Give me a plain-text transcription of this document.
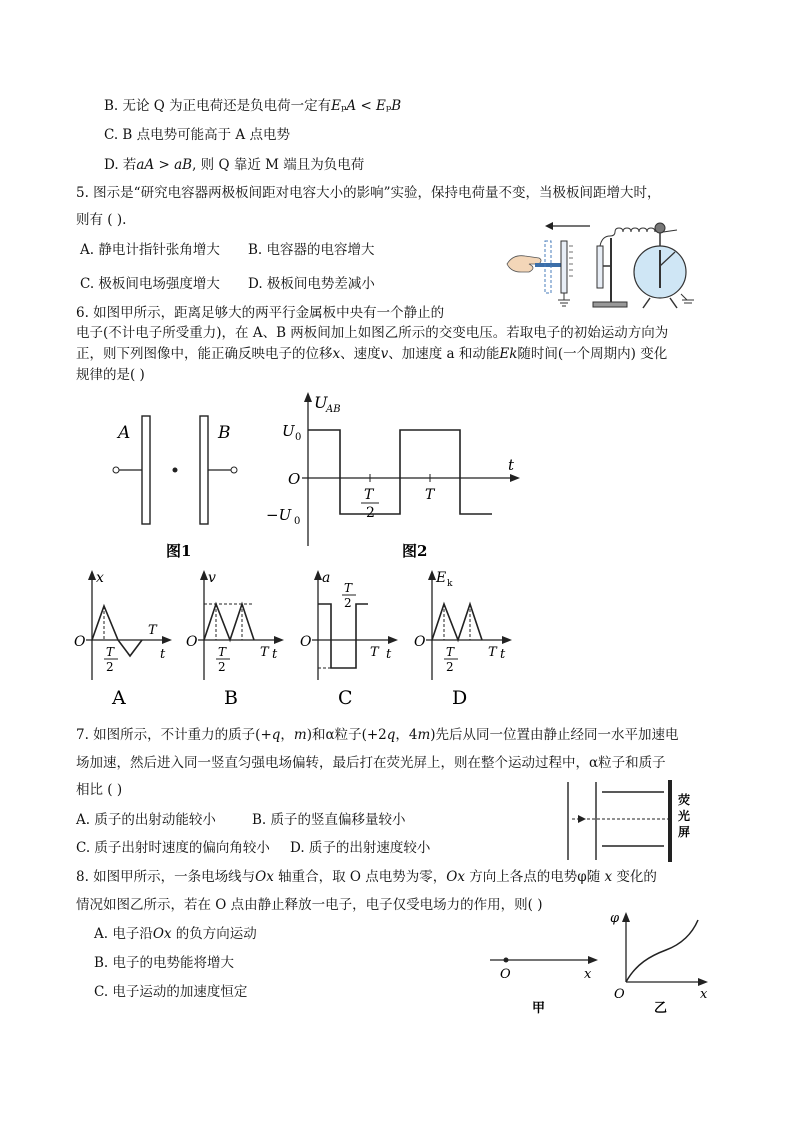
B. 无论 Q 为正电荷还是负电荷一定有𝐸ₚ𝐴 < 𝐸ₚ𝐵
C. B 点电势可能高于 A 点电势
D. 若𝑎𝐴 > 𝑎𝐵, 则 Q 靠近 M 端且为负电荷
5. 图示是“研究电容器两极板间距对电容大小的影响”实验，保持电荷量不变，当极板间距增大时，
则有 ( ).
A. 静电计指针张角增大 B. 电容器的电容增大
C. 极板间电场强度增大 D. 极板间电势差减小
6. 如图甲所示，距离足够大的两平行金属板中央有一个静止的
电子(不计电子所受重力)，在 A、B 两板间加上如图乙所示的交变电压。若取电子的初始运动方向为
正，则下列图像中，能正确反映电子的位移𝑥、速度𝑣、加速度 a 和动能𝐸𝑘随时间(一个周期内) 变化
规律的是( )
A	B
图1
U
AB
U 0
−U 0
O
t
T
2
T
图2
x
O
t
T
T
2
A
v
O
t
T
T
2
B
a
O
t
T
T
2
C
E k
O
t
T
T
2
D
7. 如图所示，不计重力的质子(+𝑞，𝑚)和α粒子(+2𝑞，4𝑚)先后从同一位置由静止经同一水平加速电
场加速，然后进入同一竖直匀强电场偏转，最后打在荧光屏上，则在整个运动过程中，α粒子和质子
相比 ( )
A. 质子的出射动能较小	B. 质子的竖直偏移量较小
C. 质子出射时速度的偏向角较小 D. 质子的出射速度较小
荧
光
屏
8. 如图甲所示，一条电场线与𝑂𝑥 轴重合，取 O 点电势为零，𝑂𝑥 方向上各点的电势φ随 𝑥 变化的
情况如图乙所示，若在 O 点由静止释放一电子，电子仅受电场力的作用，则( )
A. 电子沿𝑂𝑥 的负方向运动
B. 电子的电势能将增大
C. 电子运动的加速度恒定
O	x
甲
φ
O	x
乙
